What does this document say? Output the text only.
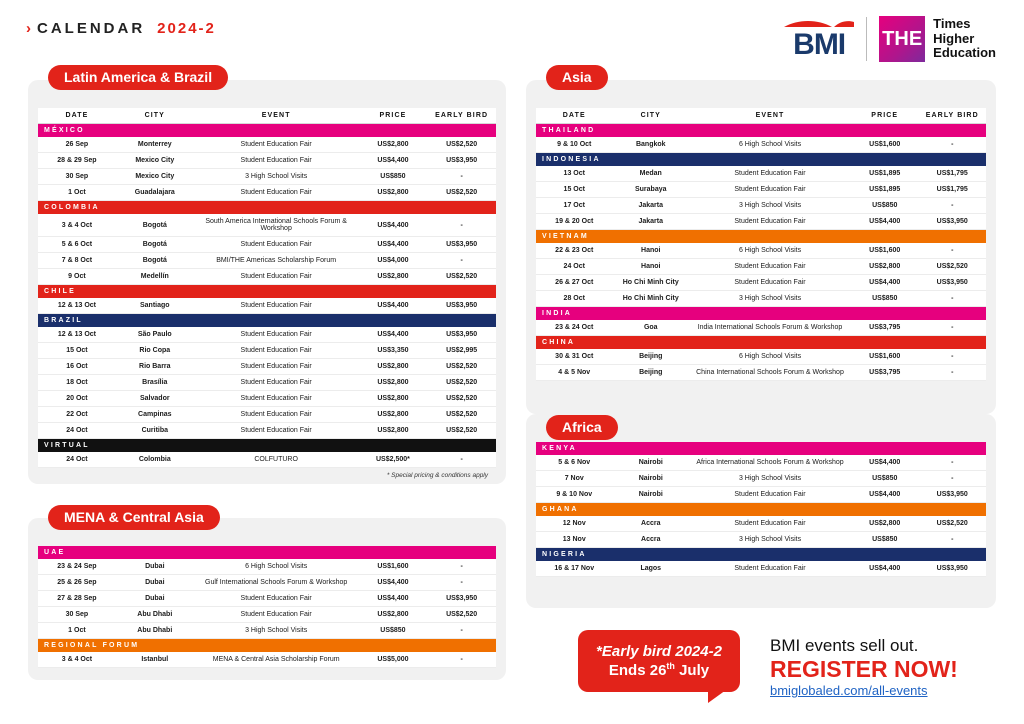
› CALENDAR 2024-2	BMI THE
Times
Higher
Education
DATE	CITY	EVENT	PRICE	EARLY BIRD
MÉXICO				
26 Sep	Monterrey	Student Education Fair	US$2,800	US$2,520
28 & 29 Sep	Mexico City	Student Education Fair	US$4,400	US$3,950
30 Sep	Mexico City	3 High School Visits	US$850	-
1 Oct	Guadalajara	Student Education Fair	US$2,800	US$2,520
COLOMBIA				
3 & 4 Oct	Bogotá	South America International Schools Forum & Workshop	US$4,400	-
5 & 6 Oct	Bogotá	Student Education Fair	US$4,400	US$3,950
7 & 8 Oct	Bogotá	BMI/THE Americas Scholarship Forum	US$4,000	-
9 Oct	Medellín	Student Education Fair	US$2,800	US$2,520
CHILE				
12 & 13 Oct	Santiago	Student Education Fair	US$4,400	US$3,950
BRAZIL				
12 & 13 Oct	São Paulo	Student Education Fair	US$4,400	US$3,950
15 Oct	Rio Copa	Student Education Fair	US$3,350	US$2,995
16 Oct	Rio Barra	Student Education Fair	US$2,800	US$2,520
18 Oct	Brasília	Student Education Fair	US$2,800	US$2,520
20 Oct	Salvador	Student Education Fair	US$2,800	US$2,520
22 Oct	Campinas	Student Education Fair	US$2,800	US$2,520
24 Oct	Curitiba	Student Education Fair	US$2,800	US$2,520
VIRTUAL				
24 Oct	Colombia	COLFUTURO	US$2,500*	-
* Special pricing & conditions apply
Latin America & Brazil
UAE				
23 & 24 Sep	Dubai	6 High School Visits	US$1,600	-
25 & 26 Sep	Dubai	Gulf International Schools Forum & Workshop	US$4,400	-
27 & 28 Sep	Dubai	Student Education Fair	US$4,400	US$3,950
30 Sep	Abu Dhabi	Student Education Fair	US$2,800	US$2,520
1 Oct	Abu Dhabi	3 High School Visits	US$850	-
REGIONAL FORUM				
3 & 4 Oct	Istanbul	MENA & Central Asia Scholarship Forum	US$5,000	-
MENA & Central Asia
DATE	CITY	EVENT	PRICE	EARLY BIRD
THAILAND				
9 & 10 Oct	Bangkok	6 High School Visits	US$1,600	-
INDONESIA				
13 Oct	Medan	Student Education Fair	US$1,895	US$1,795
15 Oct	Surabaya	Student Education Fair	US$1,895	US$1,795
17 Oct	Jakarta	3 High School Visits	US$850	-
19 & 20 Oct	Jakarta	Student Education Fair	US$4,400	US$3,950
VIETNAM				
22 & 23 Oct	Hanoi	6 High School Visits	US$1,600	-
24 Oct	Hanoi	Student Education Fair	US$2,800	US$2,520
26 & 27 Oct	Ho Chi Minh City	Student Education Fair	US$4,400	US$3,950
28 Oct	Ho Chi Minh City	3 High School Visits	US$850	-
INDIA				
23 & 24 Oct	Goa	India International Schools Forum & Workshop	US$3,795	-
CHINA				
30 & 31 Oct	Beijing	6 High School Visits	US$1,600	-
4 & 5 Nov	Beijing	China International Schools Forum & Workshop	US$3,795	-
Asia
KENYA				
5 & 6 Nov	Nairobi	Africa International Schools Forum & Workshop	US$4,400	-
7 Nov	Nairobi	3 High School Visits	US$850	-
9 & 10 Nov	Nairobi	Student Education Fair	US$4,400	US$3,950
GHANA				
12 Nov	Accra	Student Education Fair	US$2,800	US$2,520
13 Nov	Accra	3 High School Visits	US$850	-
NIGERIA				
16 & 17 Nov	Lagos	Student Education Fair	US$4,400	US$3,950
Africa
*Early bird 2024-2
Ends 26th July
BMI events sell out.
REGISTER NOW!
bmiglobaled.com/all-events
